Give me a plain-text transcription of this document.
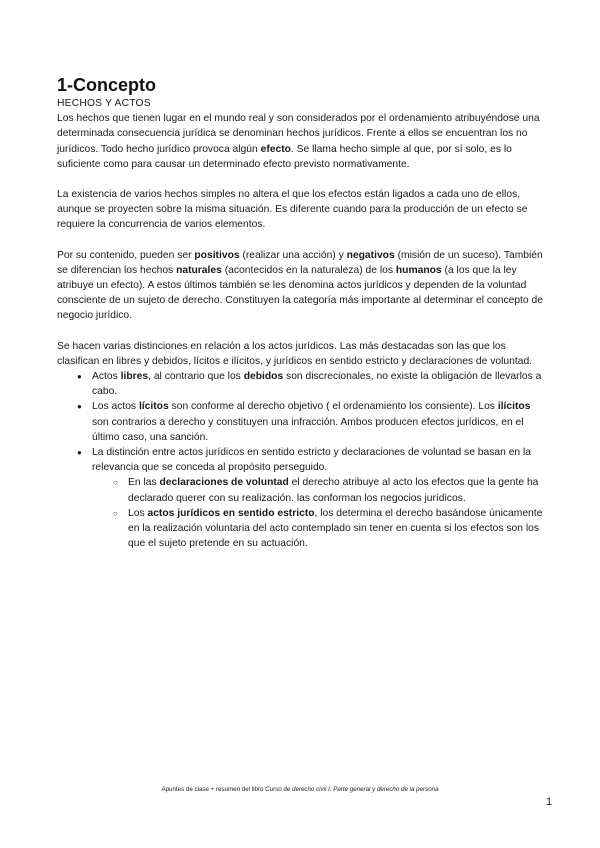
1-Concepto

HECHOS Y ACTOS

Los hechos que tienen lugar en el mundo real y son considerados por el ordenamiento atribuyéndose una determinada consecuencia jurídica se denominan hechos jurídicos. Frente a ellos se encuentran los no jurídicos. Todo hecho jurídico provoca algún efecto. Se llama hecho simple al que, por sí solo, es lo suficiente como para causar un determinado efecto previsto normativamente.

La existencia de varios hechos simples no altera el que los efectos están ligados a cada uno de ellos, aunque se proyecten sobre la misma situación. Es diferente cuando para la producción de un efecto se requiere la concurrencia de varios elementos.

Por su contenido, pueden ser positivos (realizar una acción) y negativos (misión de un suceso). También se diferencian los hechos naturales (acontecidos en la naturaleza) de los humanos (a los que la ley atribuye un efecto). A estos últimos también se les denomina actos jurídicos y dependen de la voluntad consciente de un sujeto de derecho. Constituyen la categoría más importante al determinar el concepto de negocio jurídico.

Se hacen varias distinciones en relación a los actos jurídicos. Las más destacadas son las que los clasifican en libres y debidos, lícitos e ilícitos, y jurídicos en sentido estricto y declaraciones de voluntad.

● Actos libres, al contrario que los debidos son discrecionales, no existe la obligación de llevarlos a cabo.
● Los actos lícitos son conforme al derecho objetivo ( el ordenamiento los consiente). Los ilícitos son contrarios a derecho y constituyen una infracción. Ambos producen efectos jurídicos, en el último caso, una sanción.
● La distinción entre actos jurídicos en sentido estricto y declaraciones de voluntad se basan en la relevancia que se conceda al propósito perseguido.
○ En las declaraciones de voluntad el derecho atribuye al acto los efectos que la gente ha declarado querer con su realización. las conforman los negocios jurídicos.
○ Los actos jurídicos en sentido estricto, los determina el derecho basándose únicamente en la realización voluntaria del acto contemplado sin tener en cuenta si los efectos son los que el sujeto pretende en su actuación.
Apuntes de clase + resumen del libro Curso de derecho civil I. Parte general y derecho de la persona
1
